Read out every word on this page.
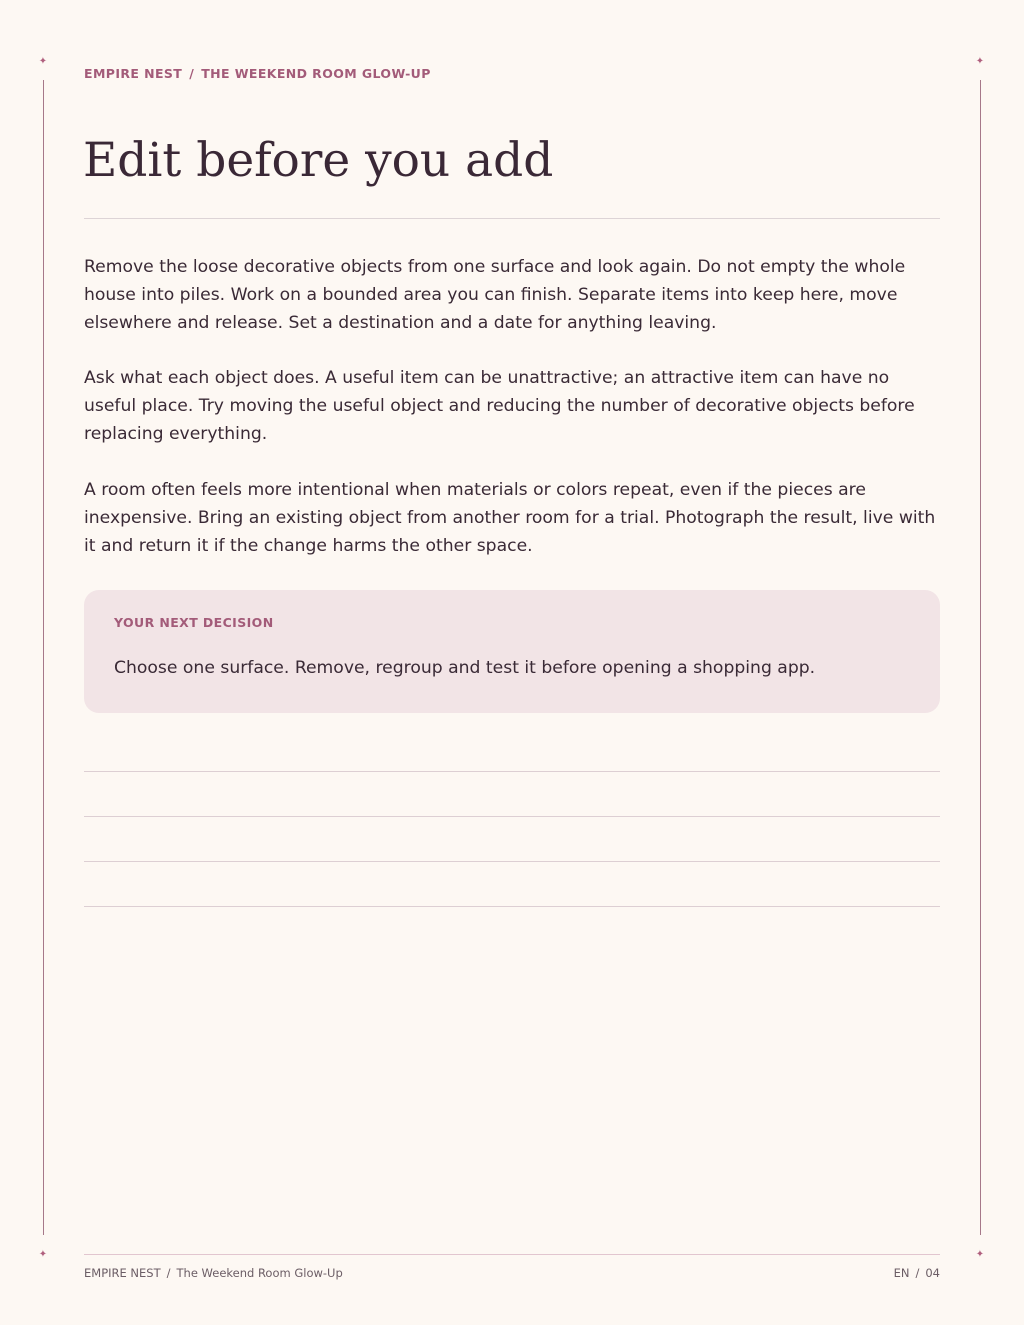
✦	✦
✦	✦
EMPIRE NEST / THE WEEKEND ROOM GLOW-UP
Edit before you add

Remove the loose decorative objects from one surface and look again. Do not empty the whole house into piles. Work on a bounded area you can finish. Separate items into keep here, move elsewhere and release. Set a destination and a date for anything leaving.

Ask what each object does. A useful item can be unattractive; an attractive item can have no useful place. Try moving the useful object and reducing the number of decorative objects before replacing everything.

A room often feels more intentional when materials or colors repeat, even if the pieces are inexpensive. Bring an existing object from another room for a trial. Photograph the result, live with it and return it if the change harms the other space.

YOUR NEXT DECISION
Choose one surface. Remove, regroup and test it before opening a shopping app.
EMPIRE NEST / The Weekend Room Glow-Up	EN / 04
